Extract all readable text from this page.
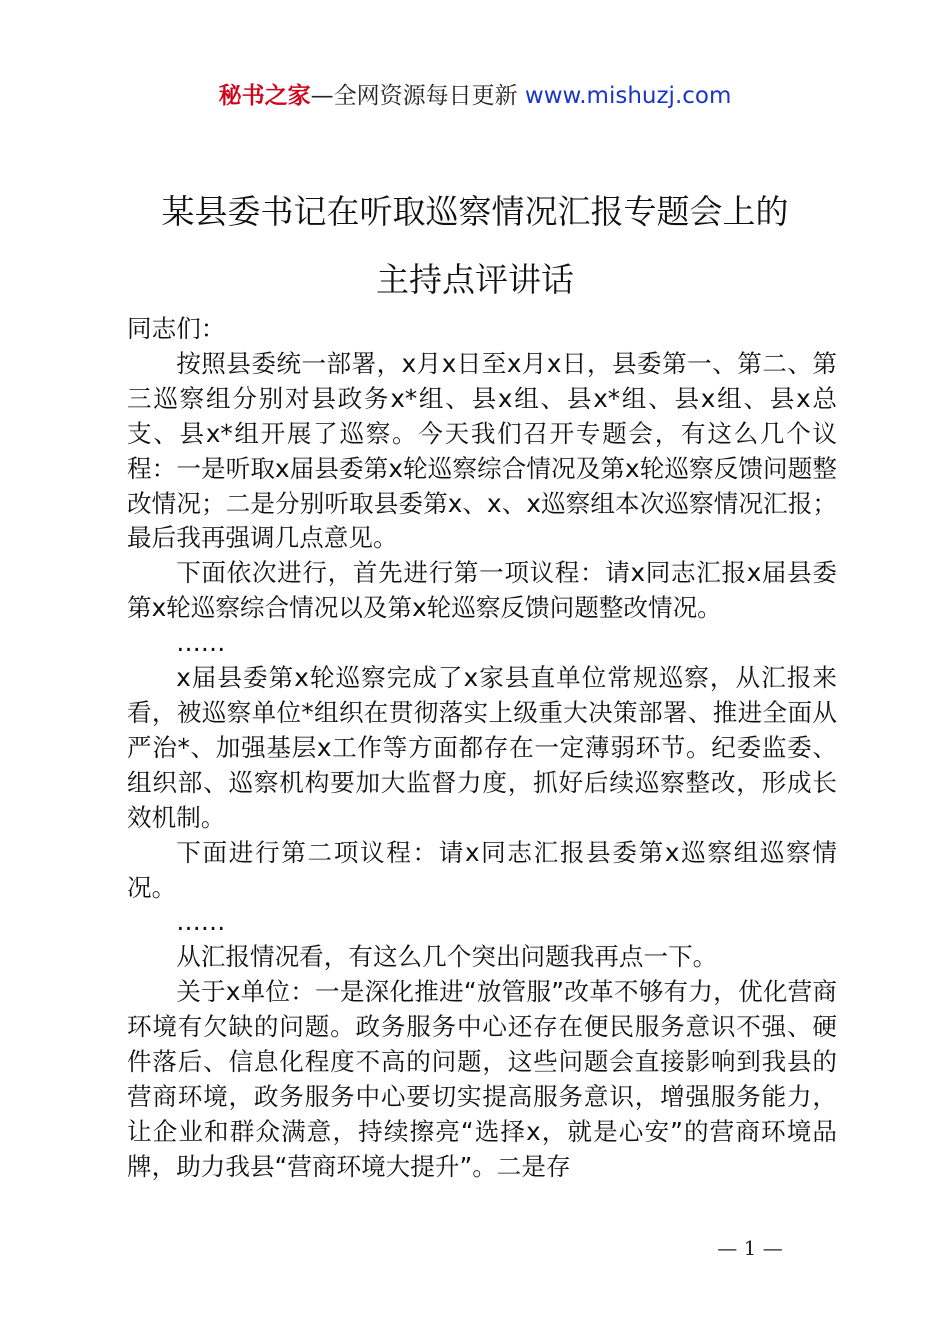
秘书之家—全网资源每日更新 www.mishuzj.com
某县委书记在听取巡察情况汇报专题会上的
主持点评讲话

同志们：

按照县委统一部署，x月x日至x月x日，县委第一、第二、第三巡察组分别对县政务x*组、县x组、县x*组、县x组、县x总支、县x*组开展了巡察。今天我们召开专题会，有这么几个议程：一是听取x届县委第x轮巡察综合情况及第x轮巡察反馈问题整改情况；二是分别听取县委第x、x、x巡察组本次巡察情况汇报；最后我再强调几点意见。

下面依次进行，首先进行第一项议程：请x同志汇报x届县委第x轮巡察综合情况以及第x轮巡察反馈问题整改情况。

……

x届县委第x轮巡察完成了x家县直单位常规巡察，从汇报来看，被巡察单位*组织在贯彻落实上级重大决策部署、推进全面从严治*、加强基层x工作等方面都存在一定薄弱环节。纪委监委、组织部、巡察机构要加大监督力度，抓好后续巡察整改，形成长效机制。

下面进行第二项议程：请x同志汇报县委第x巡察组巡察情况。

……

从汇报情况看，有这么几个突出问题我再点一下。

关于x单位：一是深化推进“放管服”改革不够有力，优化营商环境有欠缺的问题。政务服务中心还存在便民服务意识不强、硬件落后、信息化程度不高的问题，这些问题会直接影响到我县的营商环境，政务服务中心要切实提高服务意识，增强服务能力，让企业和群众满意，持续擦亮“选择x，就是心安”的营商环境品牌，助力我县“营商环境大提升”。二是存

— 1 —
